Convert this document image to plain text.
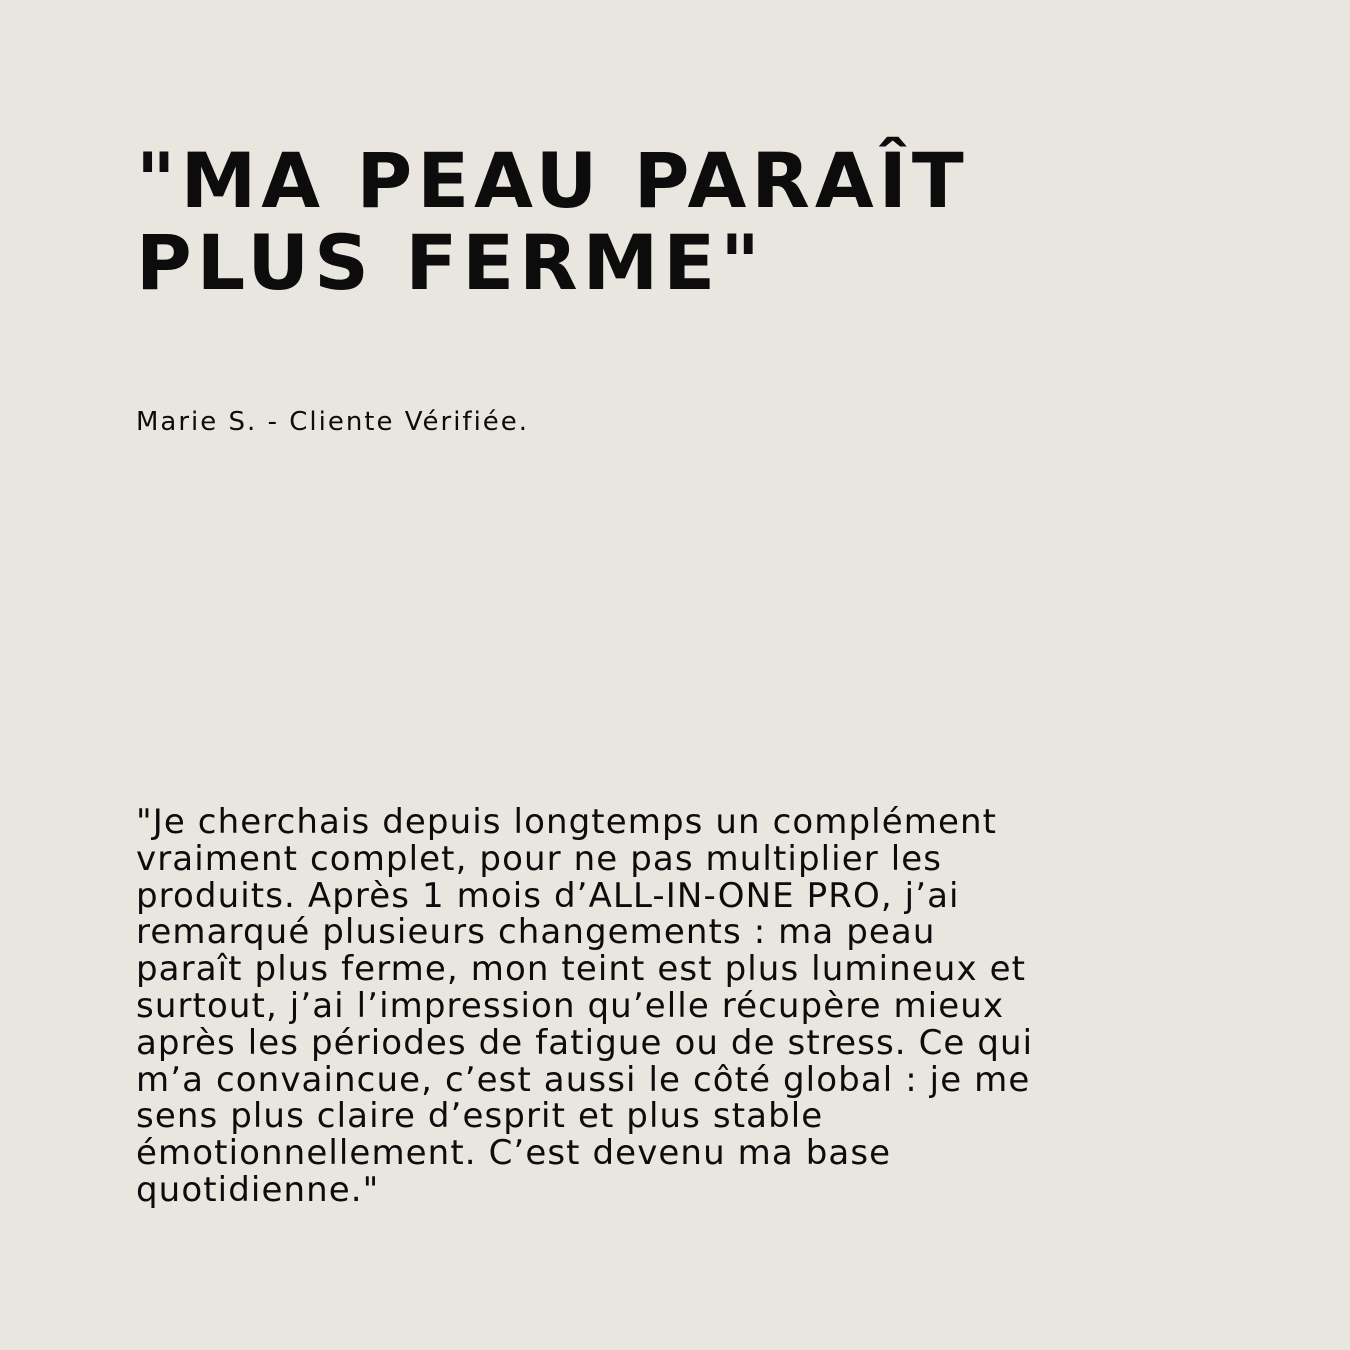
"MA PEAU PARAÎT
PLUS FERME"

Marie S. - Cliente Vérifiée.

"Je cherchais depuis longtemps un complément
vraiment complet, pour ne pas multiplier les
produits. Après 1 mois d’ALL-IN-ONE PRO, j’ai
remarqué plusieurs changements : ma peau
paraît plus ferme, mon teint est plus lumineux et
surtout, j’ai l’impression qu’elle récupère mieux
après les périodes de fatigue ou de stress. Ce qui
m’a convaincue, c’est aussi le côté global : je me
sens plus claire d’esprit et plus stable
émotionnellement. C’est devenu ma base
quotidienne."
